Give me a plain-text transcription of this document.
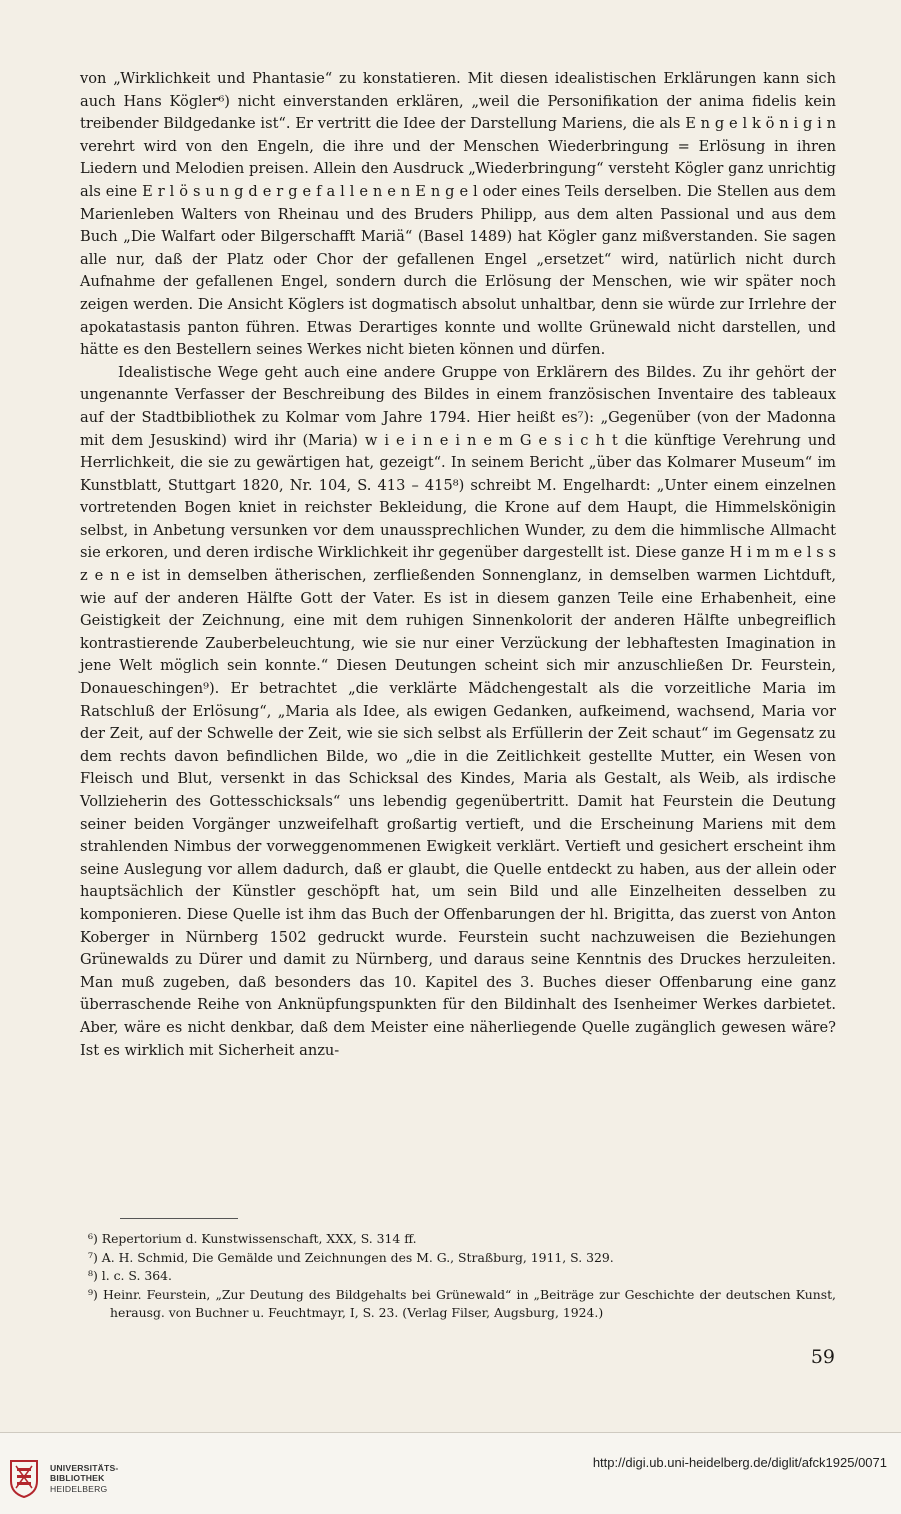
von „Wirklichkeit und Phantasie“ zu konstatieren. Mit diesen idealistischen Erklärungen kann sich auch Hans Kögler⁶) nicht einverstanden erklären, „weil die Personifikation der anima fidelis kein treibender Bildgedanke ist“. Er vertritt die Idee der Darstellung Mariens, die als E n g e l k ö n i g i n verehrt wird von den Engeln, die ihre und der Menschen Wiederbringung = Erlösung in ihren Liedern und Melodien preisen. Allein den Ausdruck „Wiederbringung“ versteht Kögler ganz unrichtig als eine E r l ö s u n g d e r g e f a l l e n e n E n g e l oder eines Teils derselben. Die Stellen aus dem Marienleben Walters von Rheinau und des Bruders Philipp, aus dem alten Passional und aus dem Buch „Die Walfart oder Bilgerschafft Mariä“ (Basel 1489) hat Kögler ganz mißverstanden. Sie sagen alle nur, daß der Platz oder Chor der gefallenen Engel „ersetzet“ wird, natürlich nicht durch Aufnahme der gefallenen Engel, sondern durch die Erlösung der Menschen, wie wir später noch zeigen werden. Die Ansicht Köglers ist dogmatisch absolut unhaltbar, denn sie würde zur Irrlehre der apokatastasis panton führen. Etwas Derartiges konnte und wollte Grünewald nicht darstellen, und hätte es den Bestellern seines Werkes nicht bieten können und dürfen.

Idealistische Wege geht auch eine andere Gruppe von Erklärern des Bildes. Zu ihr gehört der ungenannte Verfasser der Beschreibung des Bildes in einem französischen Inventaire des tableaux auf der Stadtbibliothek zu Kolmar vom Jahre 1794. Hier heißt es⁷): „Gegenüber (von der Madonna mit dem Jesuskind) wird ihr (Maria) w i e i n e i n e m G e s i c h t die künftige Verehrung und Herrlichkeit, die sie zu gewärtigen hat, gezeigt“. In seinem Bericht „über das Kolmarer Museum“ im Kunstblatt, Stuttgart 1820, Nr. 104, S. 413 – 415⁸) schreibt M. Engelhardt: „Unter einem einzelnen vortretenden Bogen kniet in reichster Bekleidung, die Krone auf dem Haupt, die Himmelskönigin selbst, in Anbetung versunken vor dem unaussprechlichen Wunder, zu dem die himmlische Allmacht sie erkoren, und deren irdische Wirklichkeit ihr gegenüber dargestellt ist. Diese ganze H i m m e l s s z e n e ist in demselben ätherischen, zerfließenden Sonnenglanz, in demselben warmen Lichtduft, wie auf der anderen Hälfte Gott der Vater. Es ist in diesem ganzen Teile eine Erhabenheit, eine Geistigkeit der Zeichnung, eine mit dem ruhigen Sinnenkolorit der anderen Hälfte unbegreiflich kontrastierende Zauberbeleuchtung, wie sie nur einer Verzückung der lebhaftesten Imagination in jene Welt möglich sein konnte.“ Diesen Deutungen scheint sich mir anzuschließen Dr. Feurstein, Donaueschingen⁹). Er betrachtet „die verklärte Mädchengestalt als die vorzeitliche Maria im Ratschluß der Erlösung“, „Maria als Idee, als ewigen Gedanken, aufkeimend, wachsend, Maria vor der Zeit, auf der Schwelle der Zeit, wie sie sich selbst als Erfüllerin der Zeit schaut“ im Gegensatz zu dem rechts davon befindlichen Bilde, wo „die in die Zeitlichkeit gestellte Mutter, ein Wesen von Fleisch und Blut, versenkt in das Schicksal des Kindes, Maria als Gestalt, als Weib, als irdische Vollzieherin des Gottesschicksals“ uns lebendig gegenübertritt. Damit hat Feurstein die Deutung seiner beiden Vorgänger unzweifelhaft großartig vertieft, und die Erscheinung Mariens mit dem strahlenden Nimbus der vorweggenommenen Ewigkeit verklärt. Vertieft und gesichert erscheint ihm seine Auslegung vor allem dadurch, daß er glaubt, die Quelle entdeckt zu haben, aus der allein oder hauptsächlich der Künstler geschöpft hat, um sein Bild und alle Einzelheiten desselben zu komponieren. Diese Quelle ist ihm das Buch der Offenbarungen der hl. Brigitta, das zuerst von Anton Koberger in Nürnberg 1502 gedruckt wurde. Feurstein sucht nachzuweisen die Beziehungen Grünewalds zu Dürer und damit zu Nürnberg, und daraus seine Kenntnis des Druckes herzuleiten. Man muß zugeben, daß besonders das 10. Kapitel des 3. Buches dieser Offenbarung eine ganz überraschende Reihe von Anknüpfungspunkten für den Bildinhalt des Isenheimer Werkes darbietet. Aber, wäre es nicht denkbar, daß dem Meister eine näherliegende Quelle zugänglich gewesen wäre? Ist es wirklich mit Sicherheit anzu-

⁶) Repertorium d. Kunstwissenschaft, XXX, S. 314 ff.

⁷) A. H. Schmid, Die Gemälde und Zeichnungen des M. G., Straßburg, 1911, S. 329.

⁸) l. c. S. 364.

⁹) Heinr. Feurstein, „Zur Deutung des Bildgehalts bei Grünewald“ in „Beiträge zur Geschichte der deutschen Kunst, herausg. von Buchner u. Feuchtmayr, I, S. 23. (Verlag Filser, Augsburg, 1924.)

59
UNIVERSITÄTS-
BIBLIOTHEK
HEIDELBERG
http://digi.ub.uni-heidelberg.de/diglit/afck1925/0071
